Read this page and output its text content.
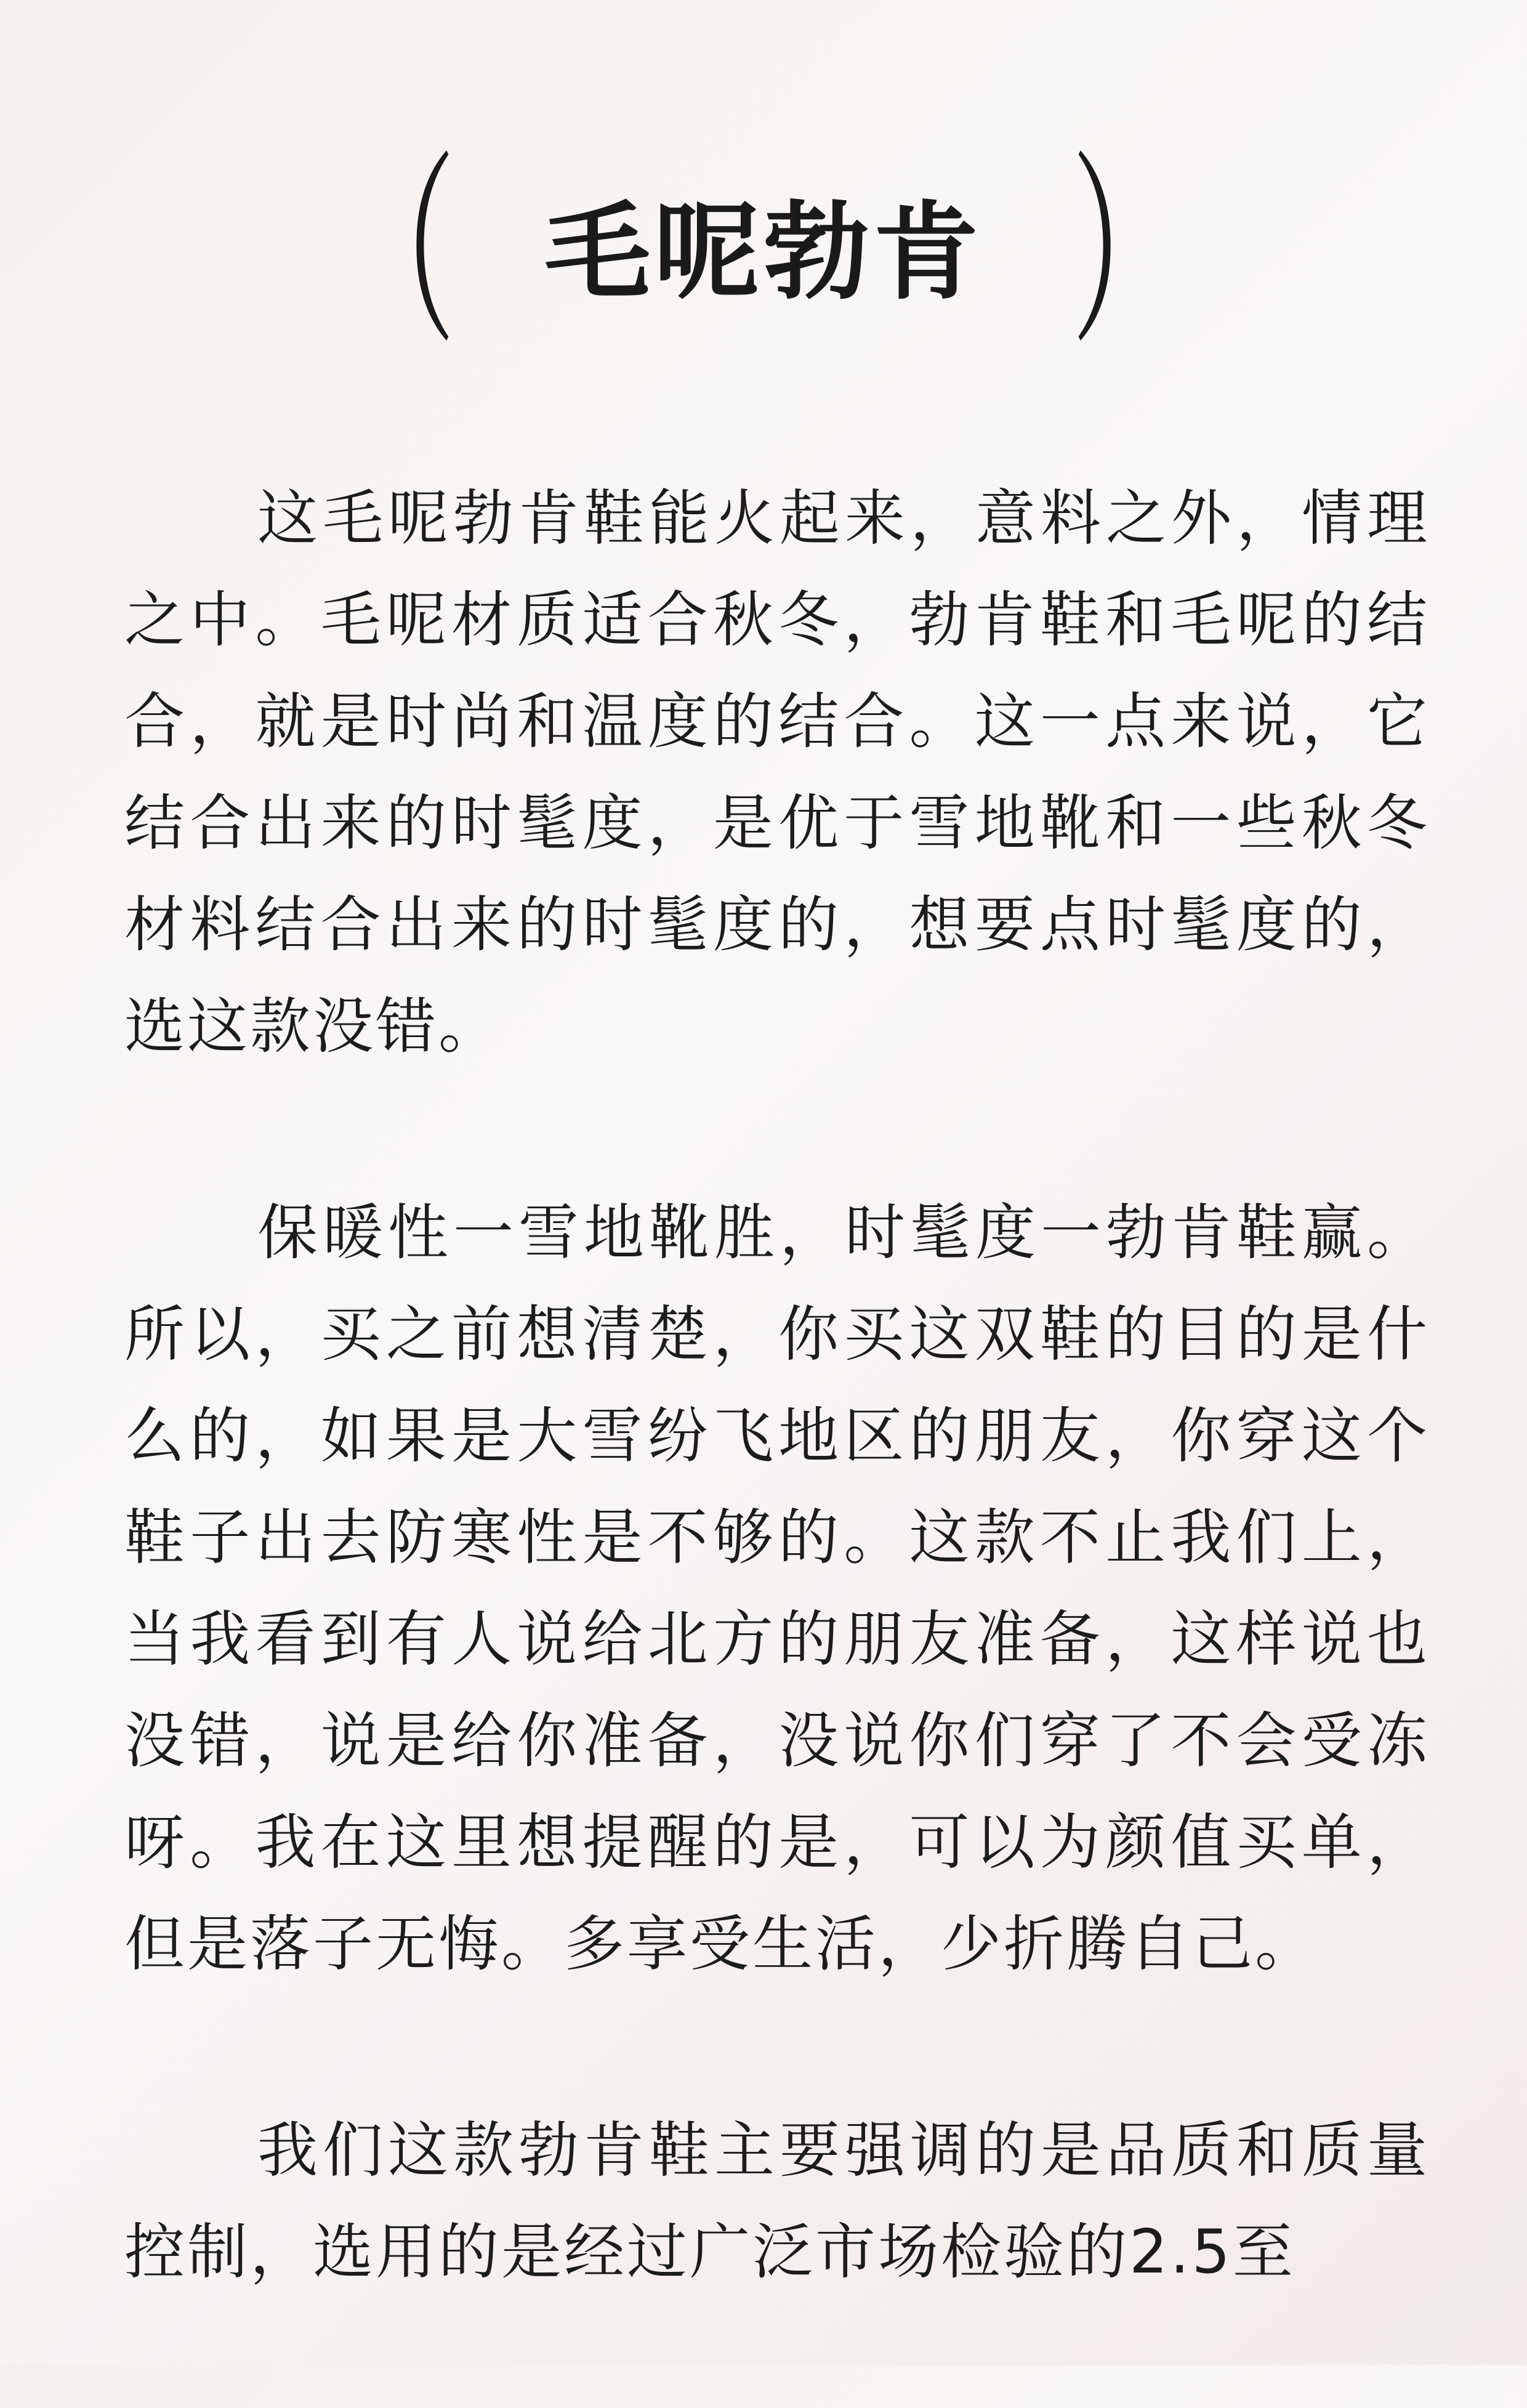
（ 毛呢勃肯 ）

这毛呢勃肯鞋能火起来，意料之外，情理之中。毛呢材质适合秋冬，勃肯鞋和毛呢的结合，就是时尚和温度的结合。这一点来说，它结合出来的时髦度，是优于雪地靴和一些秋冬材料结合出来的时髦度的，想要点时髦度的，选这款没错。

保暖性一雪地靴胜，时髦度一勃肯鞋赢。所以，买之前想清楚，你买这双鞋的目的是什么的，如果是大雪纷飞地区的朋友，你穿这个鞋子出去防寒性是不够的。这款不止我们上，当我看到有人说给北方的朋友准备，这样说也没错，说是给你准备，没说你们穿了不会受冻呀。我在这里想提醒的是，可以为颜值买单，但是落子无悔。多享受生活，少折腾自己。

我们这款勃肯鞋主要强调的是品质和质量控制，选用的是经过广泛市场检验的2.5至
